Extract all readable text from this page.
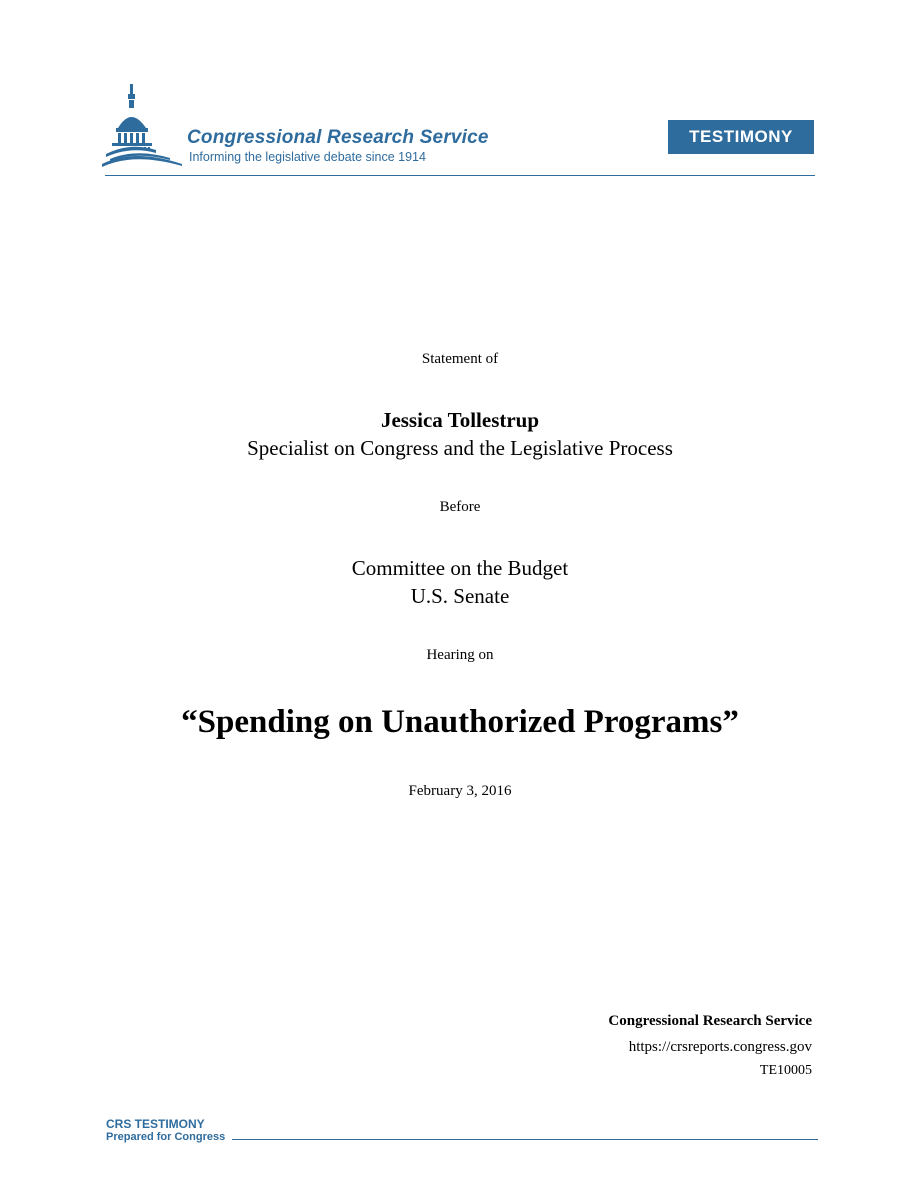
Congressional Research Service
Informing the legislative debate since 1914
TESTIMONY
Statement of
Jessica Tollestrup
Specialist on Congress and the Legislative Process
Before
Committee on the Budget
U.S. Senate
Hearing on
“Spending on Unauthorized Programs”
February 3, 2016
Congressional Research Service
https://crsreports.congress.gov
TE10005
CRS TESTIMONY
Prepared for Congress
